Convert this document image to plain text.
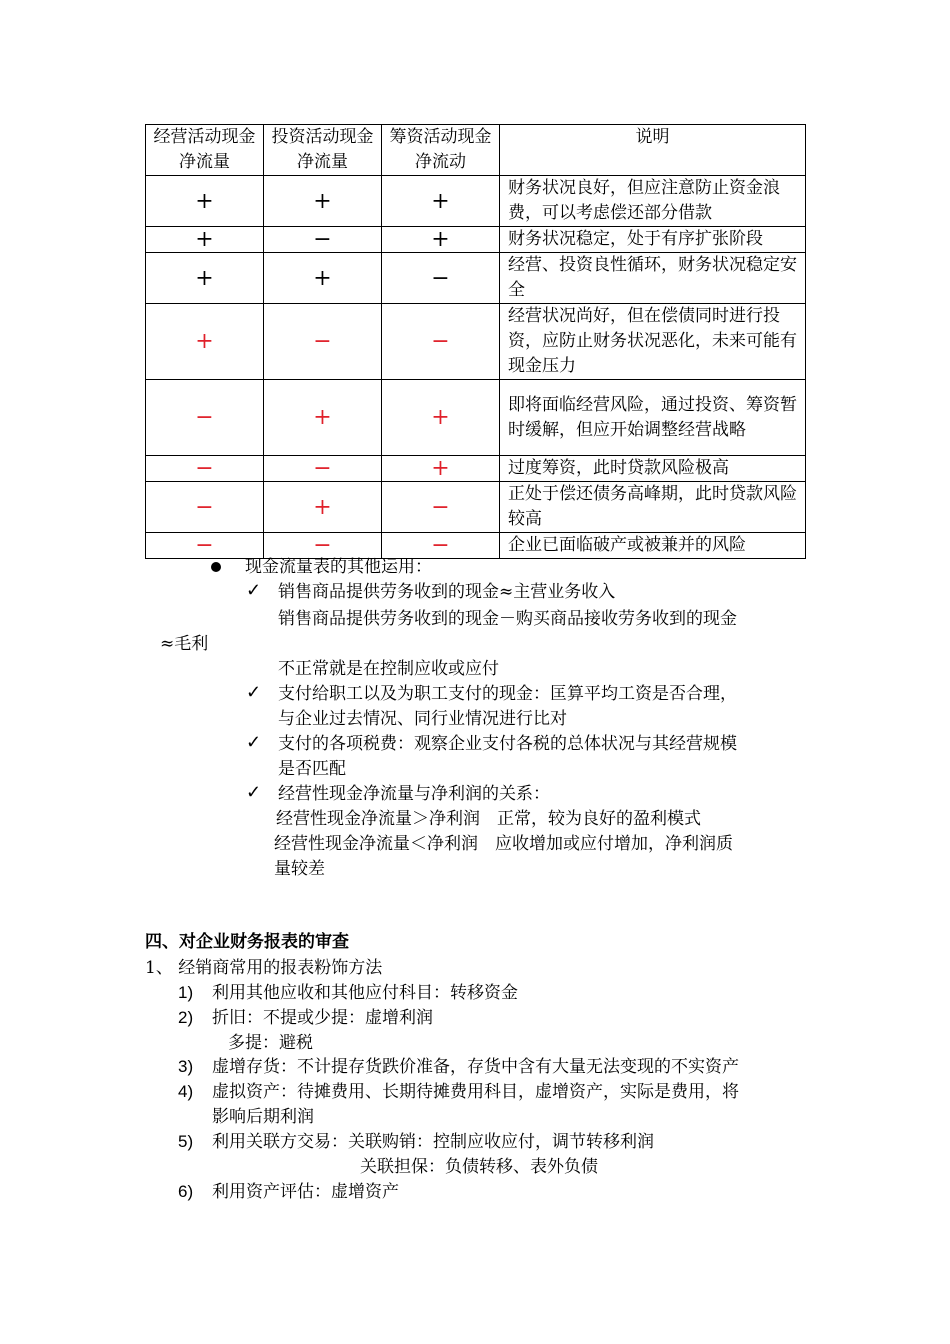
经营活动现金净流量	投资活动现金净流量	筹资活动现金净流动	说明
+	+	+	财务状况良好，但应注意防止资金浪费，可以考虑偿还部分借款
+	−	+	财务状况稳定，处于有序扩张阶段
+	+	−	经营、投资良性循环，财务状况稳定安全
+	−	−	经营状况尚好，但在偿债同时进行投资，应防止财务状况恶化，未来可能有现金压力
−	+	+	即将面临经营风险，通过投资、筹资暂时缓解，但应开始调整经营战略
−	−	+	过度筹资，此时贷款风险极高
−	+	−	正处于偿还债务高峰期，此时贷款风险较高
−	−	−	企业已面临破产或被兼并的风险
现金流量表的其他运用：
✓ 销售商品提供劳务收到的现金≈主营业务收入
销售商品提供劳务收到的现金－购买商品接收劳务收到的现金
≈毛利
不正常就是在控制应收或应付
✓ 支付给职工以及为职工支付的现金：匡算平均工资是否合理，
与企业过去情况、同行业情况进行比对
✓ 支付的各项税费：观察企业支付各税的总体状况与其经营规模
是否匹配
✓ 经营性现金净流量与净利润的关系：
经营性现金净流量＞净利润　正常，较为良好的盈利模式
经营性现金净流量＜净利润　应收增加或应付增加，净利润质
量较差
四、对企业财务报表的审查
1、 经销商常用的报表粉饰方法
1) 利用其他应收和其他应付科目：转移资金
2) 折旧：不提或少提：虚增利润
多提：避税
3) 虚增存货：不计提存货跌价准备，存货中含有大量无法变现的不实资产
4) 虚拟资产：待摊费用、长期待摊费用科目，虚增资产，实际是费用，将
影响后期利润
5) 利用关联方交易：关联购销：控制应收应付，调节转移利润
关联担保：负债转移、表外负债
6) 利用资产评估：虚增资产
